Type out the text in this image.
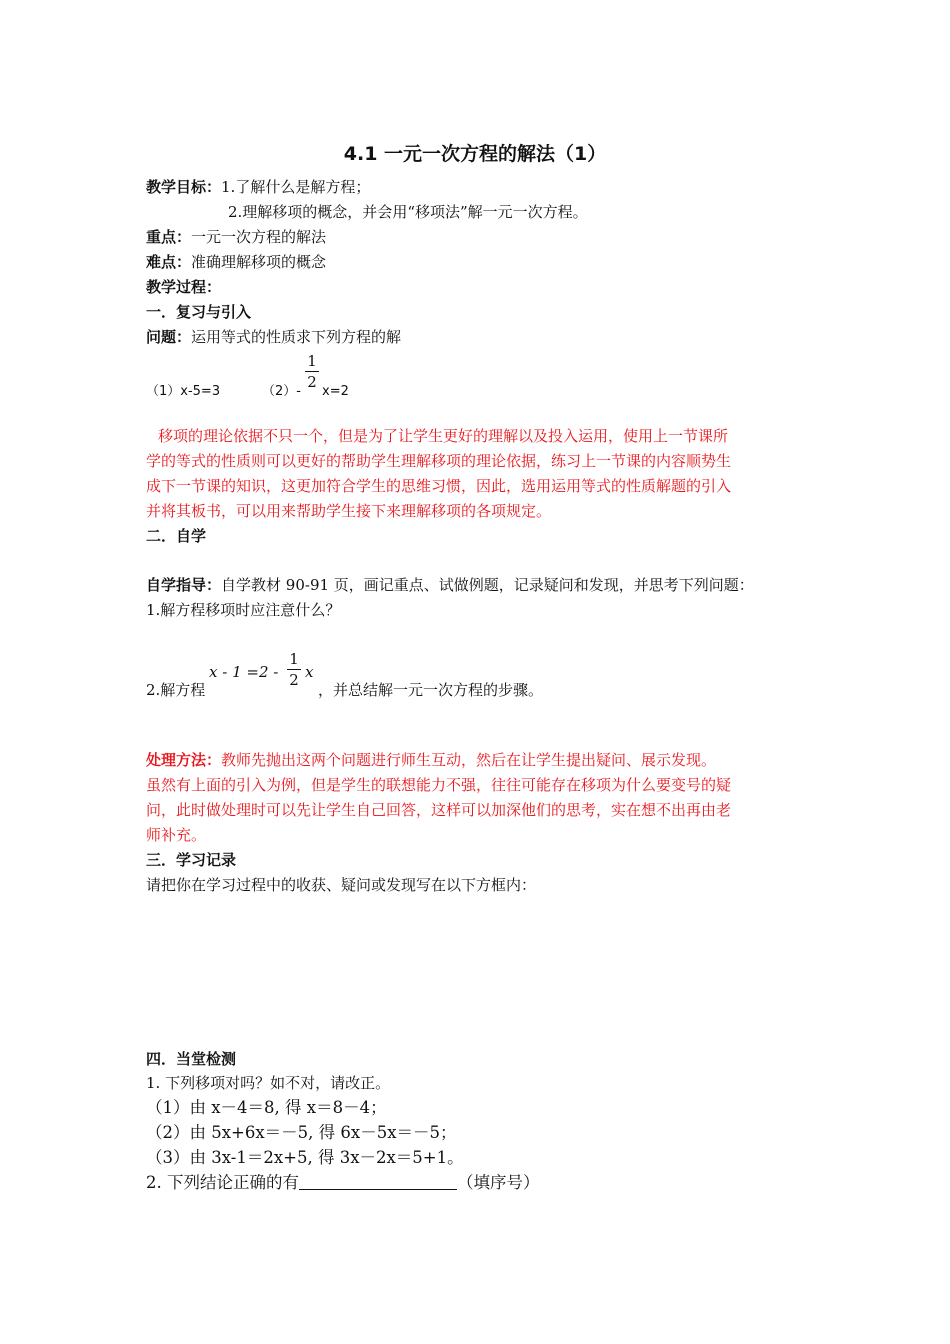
4.1 一元一次方程的解法（1）
教学目标：1.了解什么是解方程；
2.理解移项的概念，并会用“移项法”解一元一次方程。
重点：一元一次方程的解法
难点：准确理解移项的概念
教学过程：
一．复习与引入
问题：运用等式的性质求下列方程的解
（1）x-5=3	（2）-
1
2
x=2
移项的理论依据不只一个，但是为了让学生更好的理解以及投入运用，使用上一节课所
学的等式的性质则可以更好的帮助学生理解移项的理论依据，练习上一节课的内容顺势生
成下一节课的知识，这更加符合学生的思维习惯，因此，选用运用等式的性质解题的引入
并将其板书，可以用来帮助学生接下来理解移项的各项规定。
二．自学
自学指导：自学教材 90-91 页，画记重点、试做例题，记录疑问和发现，并思考下列问题：
1.解方程移项时应注意什么？
2.解方程
x - 1 =2 -
1
2 x
，并总结解一元一次方程的步骤。
处理方法：教师先抛出这两个问题进行师生互动，然后在让学生提出疑问、展示发现。
虽然有上面的引入为例，但是学生的联想能力不强，往往可能存在移项为什么要变号的疑
问，此时做处理时可以先让学生自己回答，这样可以加深他们的思考，实在想不出再由老
师补充。
三．学习记录
请把你在学习过程中的收获、疑问或发现写在以下方框内：
四．当堂检测
1. 下列移项对吗？如不对，请改正。
（1）由 x－4＝8, 得 x＝8－4；
（2）由 5x+6x＝－5, 得 6x－5x＝－5；
（3）由 3x-1＝2x+5, 得 3x－2x＝5+1。
2. 下列结论正确的有	（填序号）
